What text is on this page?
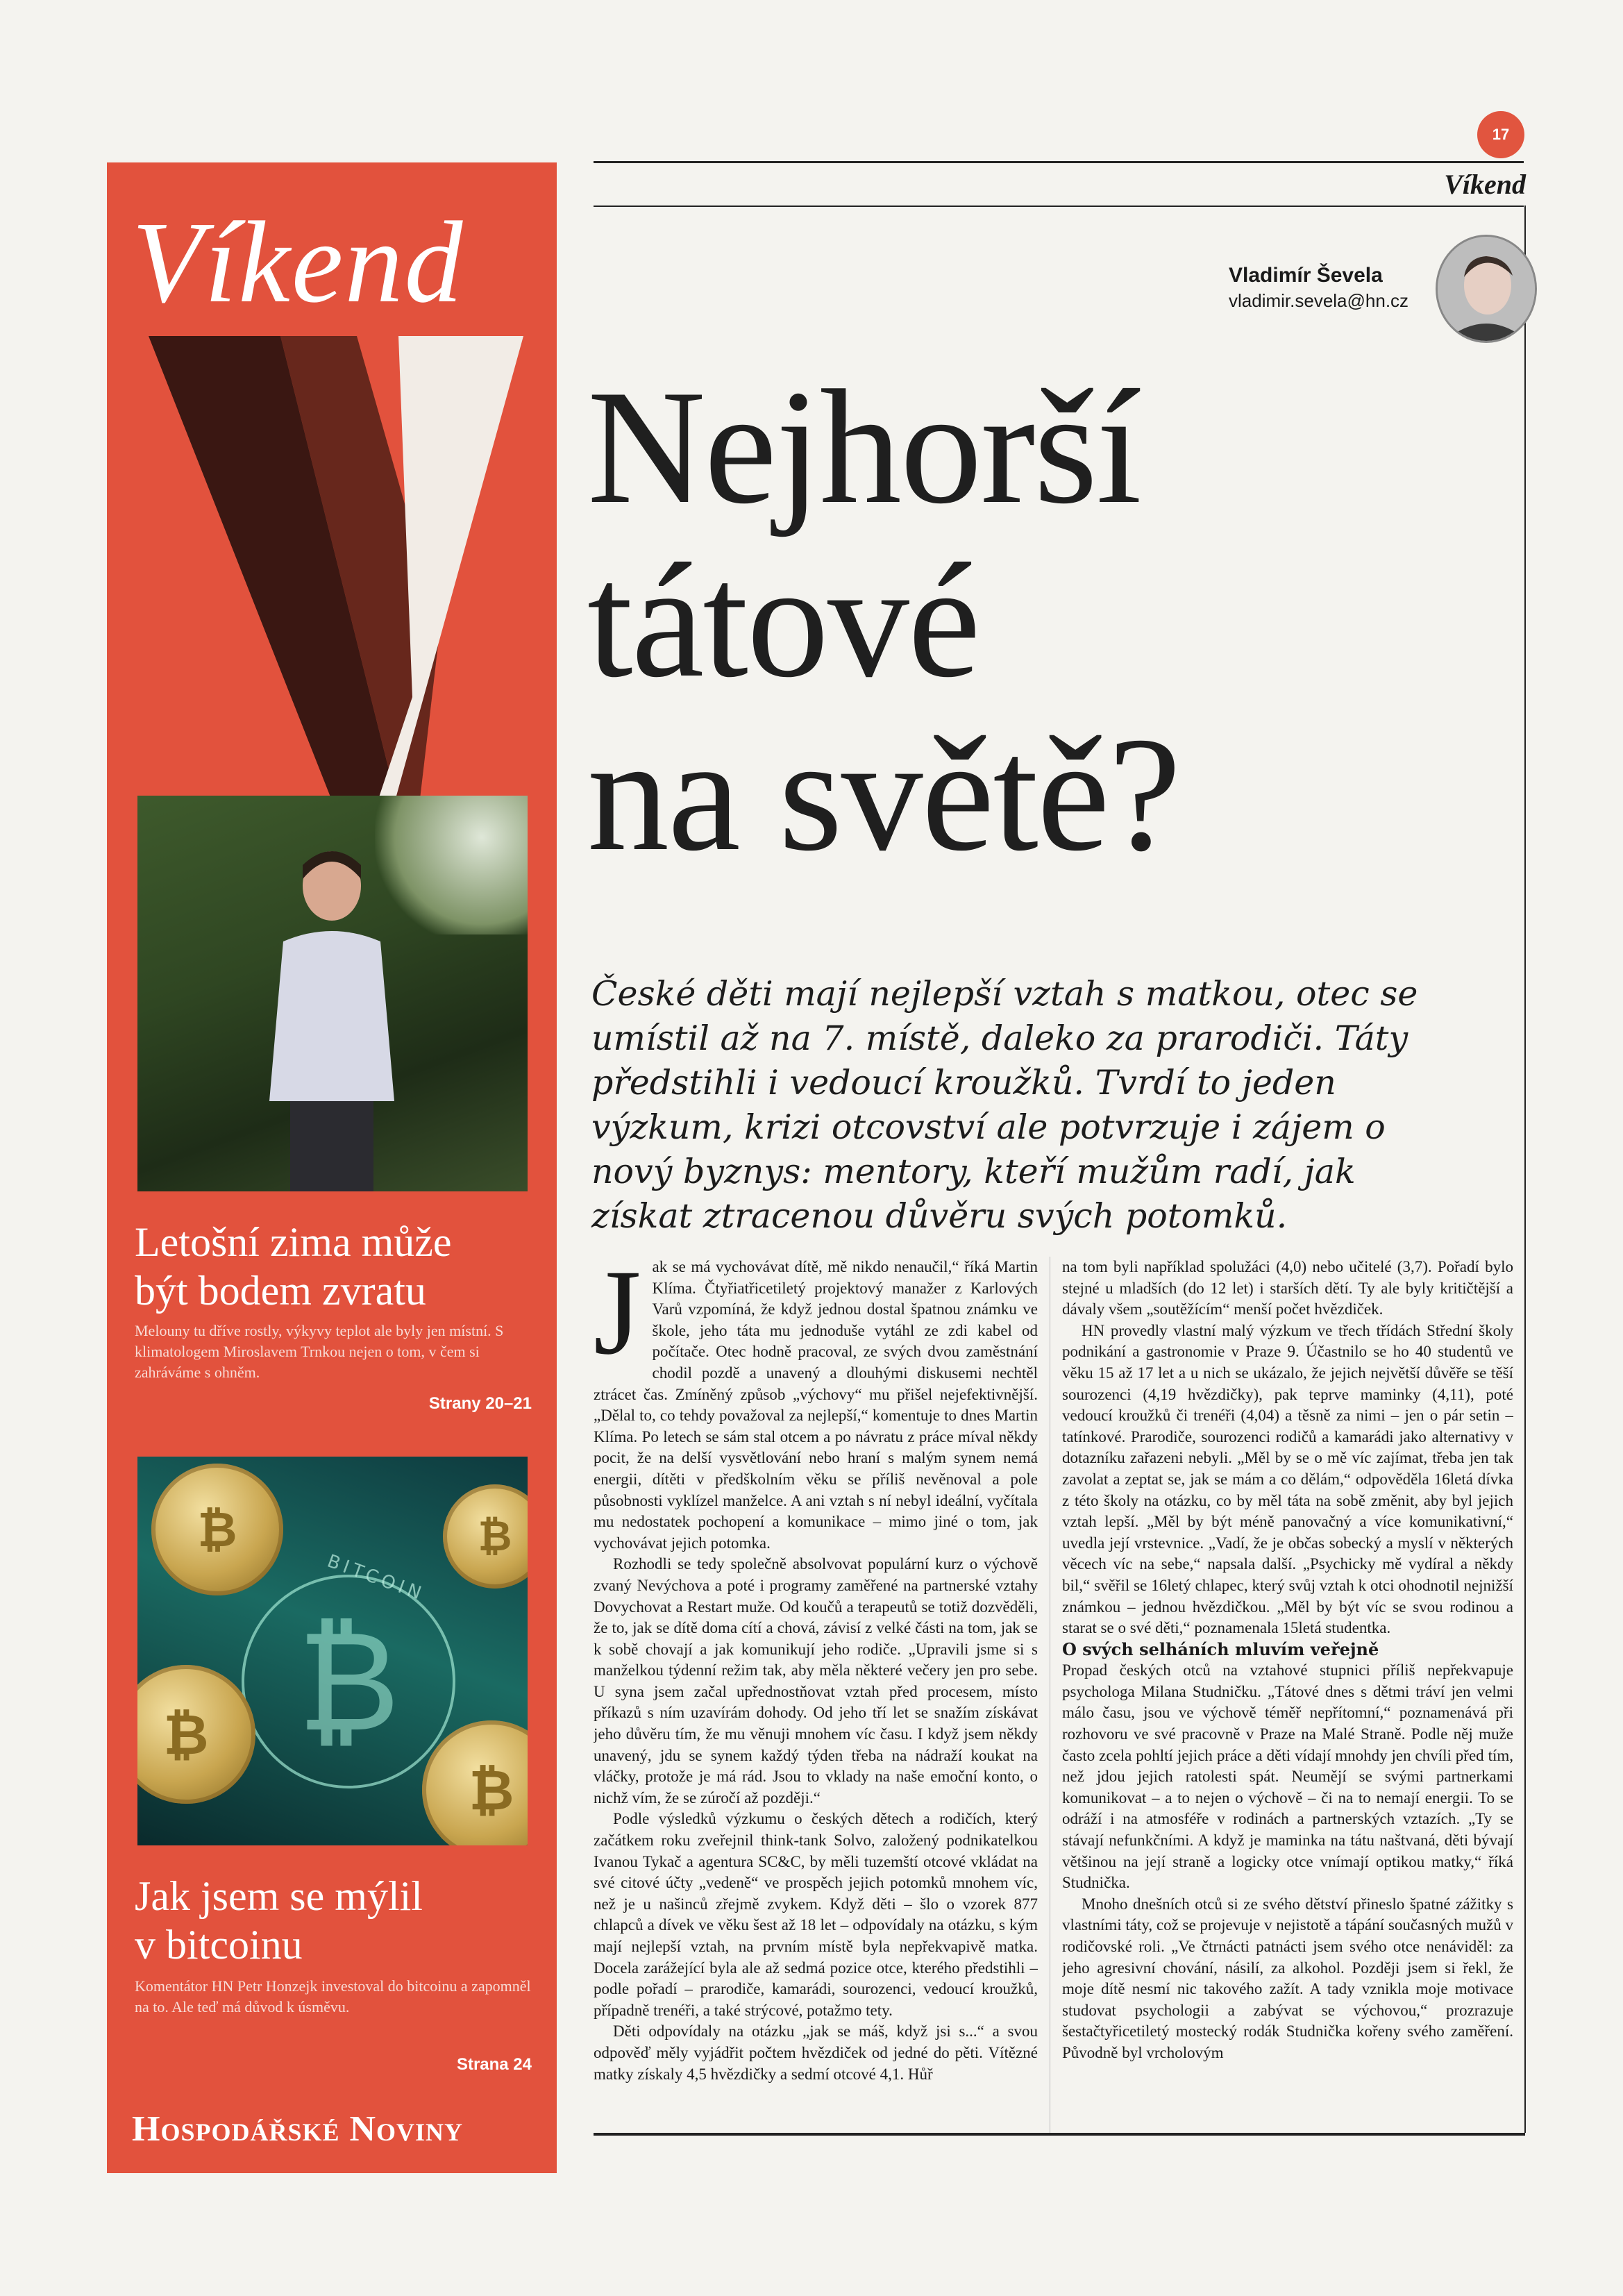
17
Víkend
Víkend
Letošní zima může
být bodem zvratu
Melouny tu dříve rostly, výkyvy teplot ale byly jen místní. S klimatologem Miroslavem Trnkou nejen o tom, v čem si zahráváme s ohněm.
Strany 20–21
₿
BITCOIN
₿	₿
₿
₿
Jak jsem se mýlil
v bitcoinu
Komentátor HN Petr Honzejk investoval do bitcoinu a zapomněl na to. Ale teď má důvod k úsměvu.
Strana 24
Hospodářské Noviny
Vladimír Ševela
vladimir.sevela@hn.cz
Nejhorší
tátové
na světě?
České děti mají nejlepší vztah s matkou, otec se umístil až na 7. místě, daleko za prarodiči. Táty předstihli i vedoucí kroužků. Tvrdí to jeden výzkum, krizi otcovství ale potvrzuje i zájem o nový byznys: mentory, kteří mužům radí, jak získat ztracenou důvěru svých potomků.
J ak se má vychovávat dítě, mě nikdo nenaučil,“ říká Martin Klíma. Čtyřiatřicetiletý projektový manažer z Karlových Varů vzpomíná, že když jednou dostal špatnou známku ve škole, jeho táta mu jednoduše vytáhl ze zdi kabel od počítače. Otec hodně pracoval, ze svých dvou zaměstnání chodil pozdě a unavený a dlouhými diskusemi nechtěl ztrácet čas. Zmíněný způsob „výchovy“ mu přišel nejefektivnější. „Dělal to, co tehdy považoval za nejlepší,“ komentuje to dnes Martin Klíma. Po letech se sám stal otcem a po návratu z práce míval někdy pocit, že na delší vysvětlování nebo hraní s malým synem nemá energii, dítěti v předškolním věku se příliš nevěnoval a pole působnosti vyklízel manželce. A ani vztah s ní nebyl ideální, vyčítala mu nedostatek pochopení a komunikace – mimo jiné o tom, jak vychovávat jejich potomka.

Rozhodli se tedy společně absolvovat populární kurz o výchově zvaný Nevýchova a poté i programy zaměřené na partnerské vztahy Dovychovat a Restart muže. Od koučů a terapeutů se totiž dozvěděli, že to, jak se dítě doma cítí a chová, závisí z velké části na tom, jak se k sobě chovají a jak komunikují jeho rodiče. „Upravili jsme si s manželkou týdenní režim tak, aby měla některé večery jen pro sebe. U syna jsem začal upřednostňovat vztah před procesem, místo příkazů s ním uzavírám dohody. Od jeho tří let se snažím získávat jeho důvěru tím, že mu věnuji mnohem víc času. I když jsem někdy unavený, jdu se synem každý týden třeba na nádraží koukat na vláčky, protože je má rád. Jsou to vklady na naše emoční konto, o nichž vím, že se zúročí až později.“

Podle výsledků výzkumu o českých dětech a rodičích, který začátkem roku zveřejnil think-tank Solvo, založený podnikatelkou Ivanou Tykač a agentura SC&C, by měli tuzemští otcové vkládat na své citové účty „vedeně“ ve prospěch jejich potomků mnohem víc, než je u našinců zřejmě zvykem. Když děti – šlo o vzorek 877 chlapců a dívek ve věku šest až 18 let – odpovídaly na otázku, s kým mají nejlepší vztah, na prvním místě byla nepřekvapivě matka. Docela zarážející byla ale až sedmá pozice otce, kterého předstihli – podle pořadí – prarodiče, kamarádi, sourozenci, vedoucí kroužků, případně trenéři, a také strýcové, potažmo tety.

Děti odpovídaly na otázku „jak se máš, když jsi s...“ a svou odpověď měly vyjádřit počtem hvězdiček od jedné do pěti. Vítězné matky získaly 4,5 hvězdičky a sedmí otcové 4,1. Hůř

na tom byli například spolužáci (4,0) nebo učitelé (3,7). Pořadí bylo stejné u mladších (do 12 let) i starších dětí. Ty ale byly kritičtější a dávaly všem „soutěžícím“ menší počet hvězdiček.

HN provedly vlastní malý výzkum ve třech třídách Střední školy podnikání a gastronomie v Praze 9. Účastnilo se ho 40 studentů ve věku 15 až 17 let a u nich se ukázalo, že jejich největší důvěře se těší sourozenci (4,19 hvězdičky), pak teprve maminky (4,11), poté vedoucí kroužků či trenéři (4,04) a těsně za nimi – jen o pár setin – tatínkové. Prarodiče, sourozenci rodičů a kamarádi jako alternativy v dotazníku zařazeni nebyli. „Měl by se o mě víc zajímat, třeba jen tak zavolat a zeptat se, jak se mám a co dělám,“ odpověděla 16letá dívka z této školy na otázku, co by měl táta na sobě změnit, aby byl jejich vztah lepší. „Měl by být méně panovačný a více komunikativní,“ uvedla její vrstevnice. „Vadí, že je občas sobecký a myslí v některých věcech víc na sebe,“ napsala další. „Psychicky mě vydíral a někdy bil,“ svěřil se 16letý chlapec, který svůj vztah k otci ohodnotil nejnižší známkou – jednou hvězdičkou. „Měl by být víc se svou rodinou a starat se o své děti,“ poznamenala 15letá studentka.

O svých selháních mluvím veřejně

Propad českých otců na vztahové stupnici příliš nepřekvapuje psychologa Milana Studničku. „Tátové dnes s dětmi tráví jen velmi málo času, jsou ve výchově téměř nepřítomní,“ poznamenává při rozhovoru ve své pracovně v Praze na Malé Straně. Podle něj muže často zcela pohltí jejich práce a děti vídají mnohdy jen chvíli před tím, než jdou jejich ratolesti spát. Neumějí se svými partnerkami komunikovat – a to nejen o výchově – či na to nemají energii. To se odráží i na atmosféře v rodinách a partnerských vztazích. „Ty se stávají nefunkčními. A když je maminka na tátu naštvaná, děti bývají většinou na její straně a logicky otce vnímají optikou matky,“ říká Studnička.

Mnoho dnešních otců si ze svého dětství přineslo špatné zážitky s vlastními táty, což se projevuje v nejistotě a tápání současných mužů v rodičovské roli. „Ve čtrnácti patnácti jsem svého otce nenáviděl: za jeho agresivní chování, násilí, za alkohol. Později jsem si řekl, že moje dítě nesmí nic takového zažít. A tady vznikla moje motivace studovat psychologii a zabývat se výchovou,“ prozrazuje šestačtyřicetiletý mostecký rodák Studnička kořeny svého zaměření. Původně byl vrcholovým
